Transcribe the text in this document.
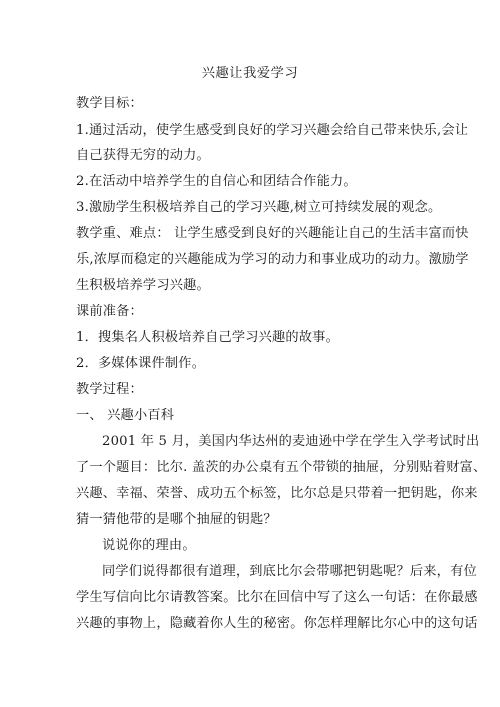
兴趣让我爱学习
教学目标：
1.通过活动，使学生感受到良好的学习兴趣会给自己带来快乐,会让
自己获得无穷的动力。
2.在活动中培养学生的自信心和团结合作能力。
3.激励学生积极培养自己的学习兴趣,树立可持续发展的观念。
教学重、难点： 让学生感受到良好的兴趣能让自己的生活丰富而快
乐,浓厚而稳定的兴趣能成为学习的动力和事业成功的动力。激励学
生积极培养学习兴趣。
课前准备：
1．搜集名人积极培养自己学习兴趣的故事。
2．多媒体课件制作。
教学过程：
一、 兴趣小百科
2001 年 5 月，美国内华达州的麦迪逊中学在学生入学考试时出
了一个题目：比尔. 盖茨的办公桌有五个带锁的抽屉，分别贴着财富、
兴趣、幸福、荣誉、成功五个标签，比尔总是只带着一把钥匙，你来
猜一猜他带的是哪个抽屉的钥匙？
说说你的理由。
同学们说得都很有道理，到底比尔会带哪把钥匙呢？后来，有位
学生写信向比尔请教答案。比尔在回信中写了这么一句话：在你最感
兴趣的事物上，隐藏着你人生的秘密。你怎样理解比尔心中的这句话
